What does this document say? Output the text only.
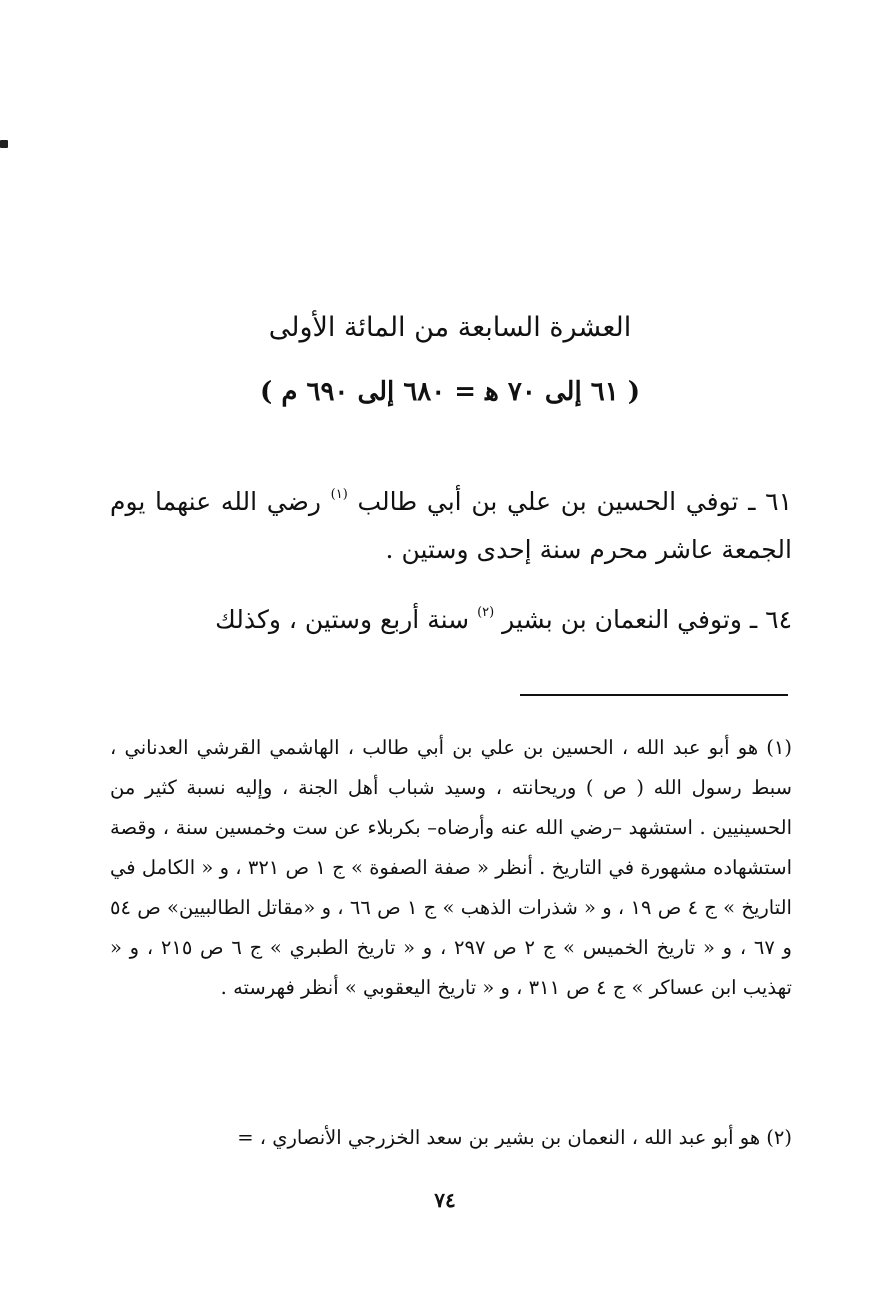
العشرة السابعة من المائة الأولى
( ٦١ إلى ٧٠ ﻫ = ٦٨٠ إلى ٦٩٠ م )

٦١ ـ توفي الحسين بن علي بن أبي طالب $^{(١)}$ رضي الله عنهما يوم الجمعة عاشر محرم سنة إحدى وستين .

٦٤ ـ وتوفي النعمان بن بشير $^{(٢)}$ سنة أربع وستين ، وكذلك

(١) هو أبو عبد الله ، الحسين بن علي بن أبي طالب ، الهاشمي القرشي العدناني ، سبط رسول الله ( ص ) وريحانته ، وسيد شباب أهل الجنة ، وإليه نسبة كثير من الحسينيين . استشهد –رضي الله عنه وأرضاه– بكربلاء عن ست وخمسين سنة ، وقصة استشهاده مشهورة في التاريخ . أنظر « صفة الصفوة » ج ١ ص ٣٢١ ، و « الكامل في التاريخ » ج ٤ ص ١٩ ، و « شذرات الذهب » ج ١ ص ٦٦ ، و «مقاتل الطالبيين» ص ٥٤ و ٦٧ ، و « تاريخ الخميس » ج ٢ ص ٢٩٧ ، و « تاريخ الطبري » ج ٦ ص ٢١٥ ، و « تهذيب ابن عساكر » ج ٤ ص ٣١١ ، و « تاريخ اليعقوبي » أنظر فهرسته .

(٢) هو أبو عبد الله ، النعمان بن بشير بن سعد الخزرجي الأنصاري ، =

٧٤
